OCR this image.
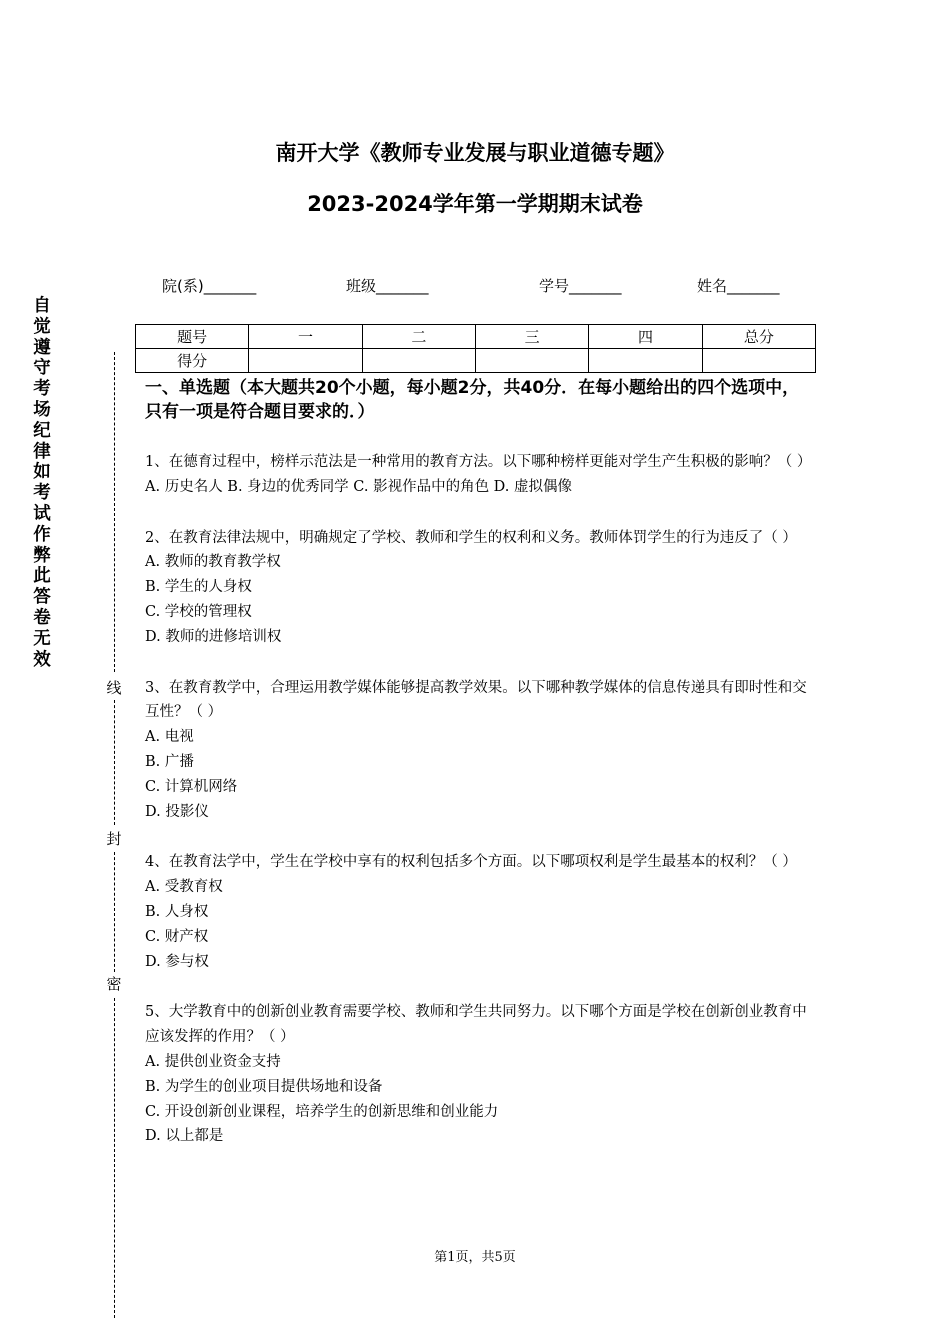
南开大学《教师专业发展与职业道德专题》
2023-2024学年第一学期期末试卷
院(系)_______	班级_______	学号_______	姓名_______
题号	一	二	三	四	总分
得分					
自
觉
遵
守
考
场
纪
律
如
考
试
作
弊
此
答
卷
无
效
线
封
密
一、单选题（本大题共20个小题，每小题2分，共40分．在每小题给出的四个选项中，只有一项是符合题目要求的．）
1、在德育过程中，榜样示范法是一种常用的教育方法。以下哪种榜样更能对学生产生积极的影响？（ ）
A. 历史名人 B. 身边的优秀同学 C. 影视作品中的角色 D. 虚拟偶像
2、在教育法律法规中，明确规定了学校、教师和学生的权利和义务。教师体罚学生的行为违反了（ ）
A. 教师的教育教学权
B. 学生的人身权
C. 学校的管理权
D. 教师的进修培训权
3、在教育教学中，合理运用教学媒体能够提高教学效果。以下哪种教学媒体的信息传递具有即时性和交互性？（ ）
A. 电视
B. 广播
C. 计算机网络
D. 投影仪
4、在教育法学中，学生在学校中享有的权利包括多个方面。以下哪项权利是学生最基本的权利？（ ）
A. 受教育权
B. 人身权
C. 财产权
D. 参与权
5、大学教育中的创新创业教育需要学校、教师和学生共同努力。以下哪个方面是学校在创新创业教育中应该发挥的作用？（ ）
A. 提供创业资金支持
B. 为学生的创业项目提供场地和设备
C. 开设创新创业课程，培养学生的创新思维和创业能力
D. 以上都是
第1页，共5页
